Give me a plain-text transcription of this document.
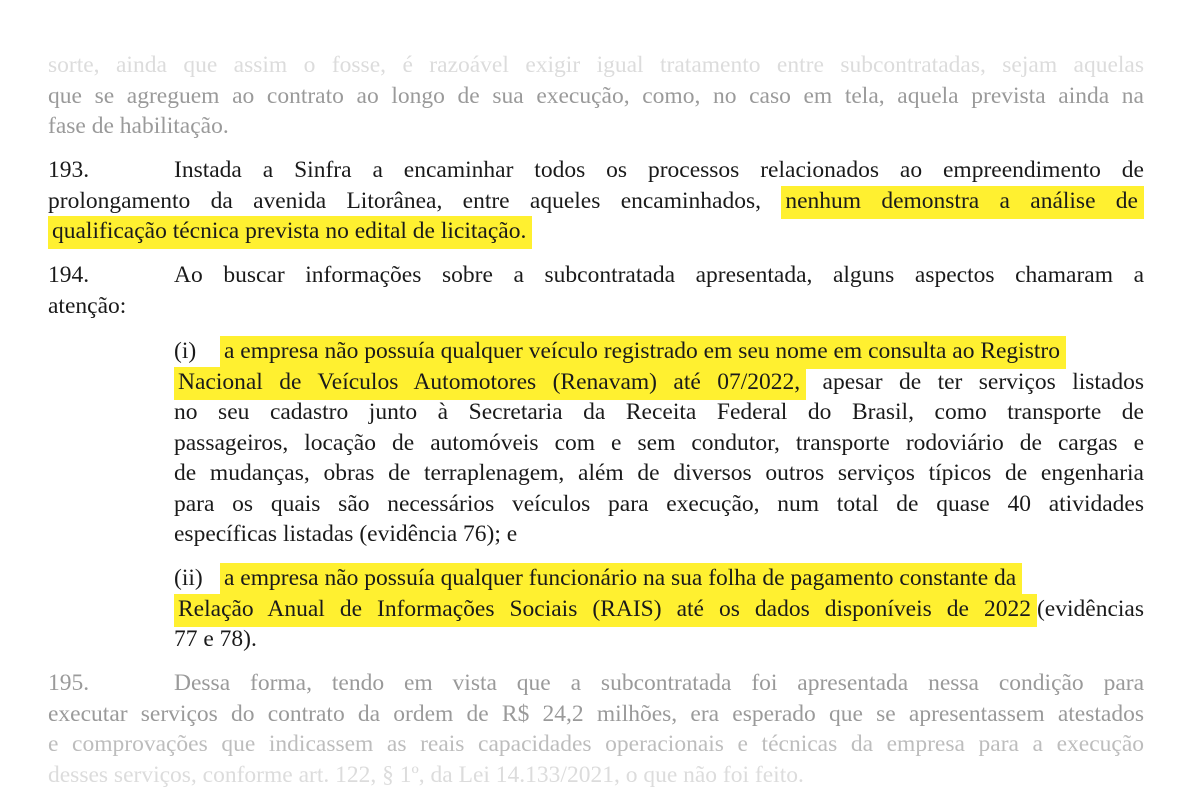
sorte, ainda que assim o fosse, é razoável exigir igual tratamento entre subcontratadas, sejam aquelas
que se agreguem ao contrato ao longo de sua execução, como, no caso em tela, aquela prevista ainda na
fase de habilitação.
193.	Instada a Sinfra a encaminhar todos os processos relacionados ao empreendimento de
prolongamento da avenida Litorânea, entre aqueles encaminhados, nenhum demonstra a análise de
qualificação técnica prevista no edital de licitação.
194.	Ao buscar informações sobre a subcontratada apresentada, alguns aspectos chamaram a
atenção:
(i) a empresa não possuía qualquer veículo registrado em seu nome em consulta ao Registro
Nacional de Veículos Automotores (Renavam) até 07/2022, apesar de ter serviços listados
no seu cadastro junto à Secretaria da Receita Federal do Brasil, como transporte de
passageiros, locação de automóveis com e sem condutor, transporte rodoviário de cargas e
de mudanças, obras de terraplenagem, além de diversos outros serviços típicos de engenharia
para os quais são necessários veículos para execução, num total de quase 40 atividades
específicas listadas (evidência 76); e
(ii) a empresa não possuía qualquer funcionário na sua folha de pagamento constante da
Relação Anual de Informações Sociais (RAIS) até os dados disponíveis de 2022 (evidências
77 e 78).
195.	Dessa forma, tendo em vista que a subcontratada foi apresentada nessa condição para
executar serviços do contrato da ordem de R$ 24,2 milhões, era esperado que se apresentassem atestados
e comprovações que indicassem as reais capacidades operacionais e técnicas da empresa para a execução
desses serviços, conforme art. 122, § 1º, da Lei 14.133/2021, o que não foi feito.
